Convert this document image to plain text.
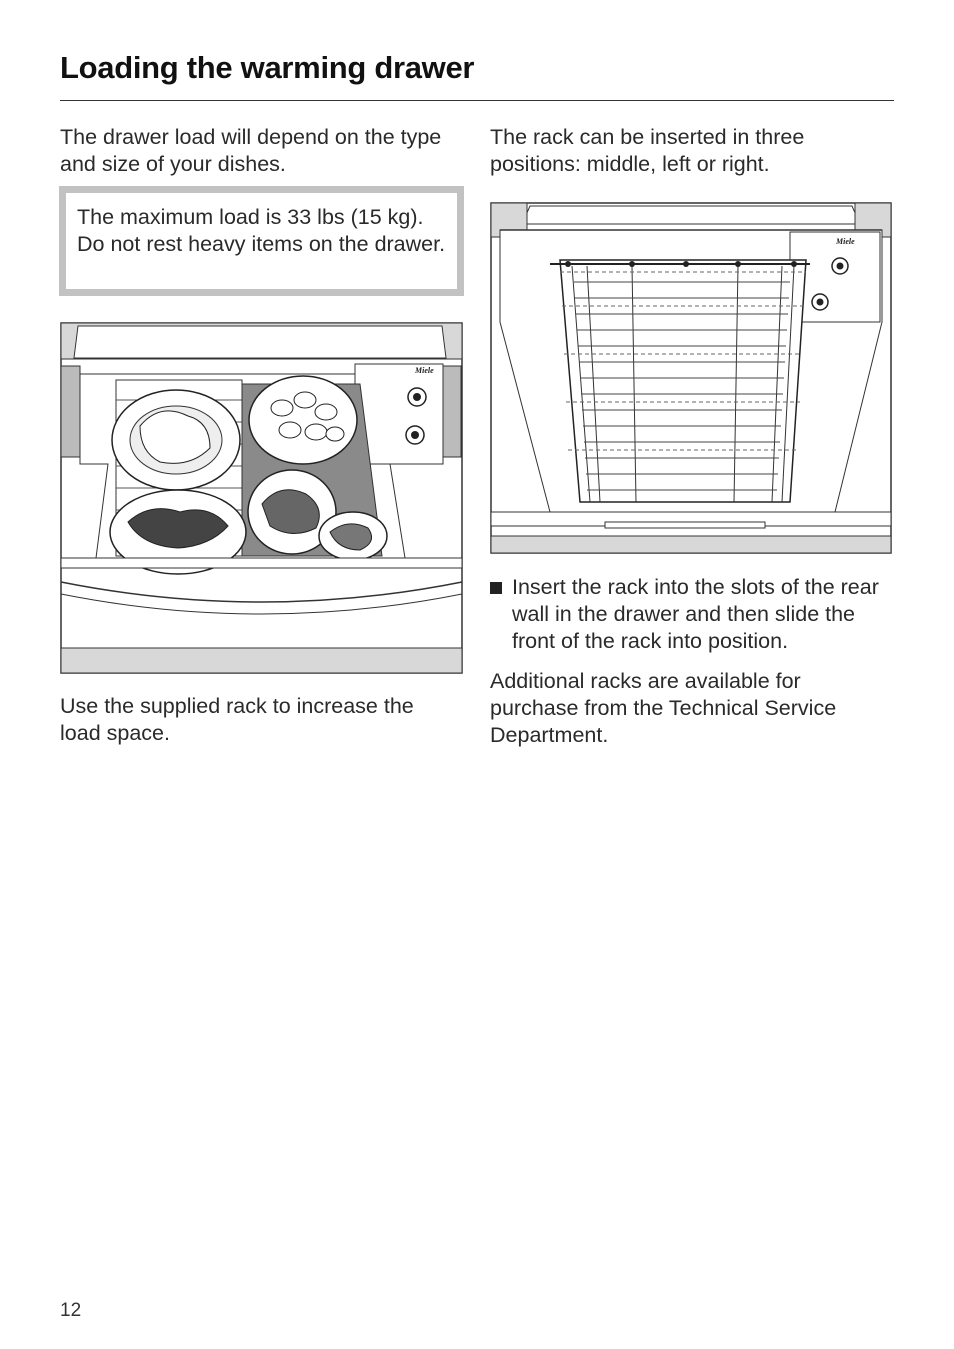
Loading the warming drawer

The drawer load will depend on the type and size of your dishes.

The maximum load is 33 lbs (15 kg). Do not rest heavy items on the drawer.
Miele

Use the supplied rack to increase the load space.

The rack can be inserted in three positions: middle, left or right.

Miele

Insert the rack into the slots of the rear wall in the drawer and then slide the front of the rack into position.

Additional racks are available for purchase from the Technical Service Department.

12
